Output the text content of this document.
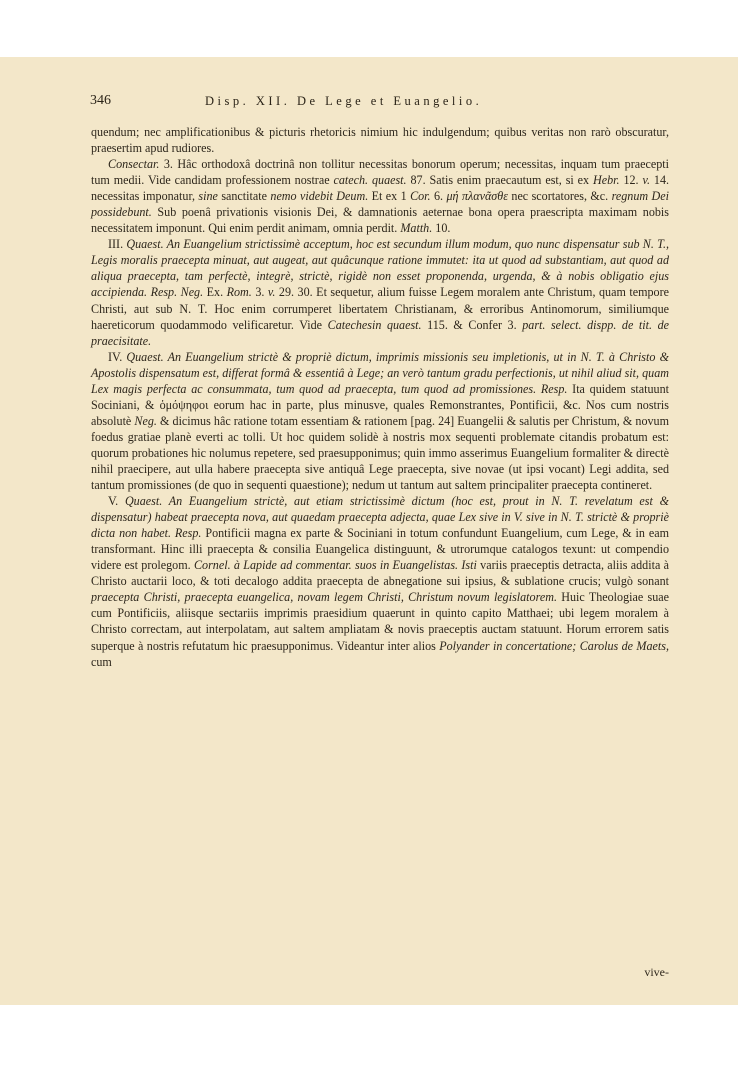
346	Disp. XII. De Lege et Euangelio.

quendum; nec amplificationibus & picturis rhetoricis nimium hic indulgendum; quibus veritas non rarò obscuratur, praesertim apud rudiores.

Consectar. 3. Hâc orthodoxâ doctrinâ non tollitur necessitas bonorum operum; necessitas, inquam tum praecepti tum medii. Vide candidam professionem nostrae catech. quaest. 87. Satis enim praecautum est, si ex Hebr. 12. v. 14. necessitas imponatur, sine sanctitate nemo videbit Deum. Et ex 1 Cor. 6. μή πλανᾶσθε nec scortatores, &c. regnum Dei possidebunt. Sub poenâ privationis visionis Dei, & damnationis aeternae bona opera praescripta maximam nobis necessitatem imponunt. Qui enim perdit animam, omnia perdit. Matth. 10.

III. Quaest. An Euangelium strictissimè acceptum, hoc est secundum illum modum, quo nunc dispensatur sub N. T., Legis moralis praecepta minuat, aut augeat, aut quâcunque ratione immutet: ita ut quod ad substantiam, aut quod ad aliqua praecepta, tam perfectè, integrè, strictè, rigidè non esset proponenda, urgenda, & à nobis obligatio ejus accipienda. Resp. Neg. Ex. Rom. 3. v. 29. 30. Et sequetur, alium fuisse Legem moralem ante Christum, quam tempore Christi, aut sub N. T. Hoc enim corrumperet libertatem Christianam, & erroribus Antinomorum, similiumque haereticorum quodammodo velificaretur. Vide Catechesin quaest. 115. & Confer 3. part. select. dispp. de tit. de praecisitate.

IV. Quaest. An Euangelium strictè & propriè dictum, imprimis missionis seu impletionis, ut in N. T. à Christo & Apostolis dispensatum est, differat formâ & essentiâ à Lege; an verò tantum gradu perfectionis, ut nihil aliud sit, quam Lex magis perfecta ac consummata, tum quod ad praecepta, tum quod ad promissiones. Resp. Ita quidem statuunt Sociniani, & ὁμόψηφοι eorum hac in parte, plus minusve, quales Remonstrantes, Pontificii, &c. Nos cum nostris absolutè Neg. & dicimus hâc ratione totam essentiam & rationem [pag. 24] Euangelii & salutis per Christum, & novum foedus gratiae planè everti ac tolli. Ut hoc quidem solidè à nostris mox sequenti problemate citandis probatum est: quorum probationes hic nolumus repetere, sed praesupponimus; quin immo asserimus Euangelium formaliter & directè nihil praecipere, aut ulla habere praecepta sive antiquâ Lege praecepta, sive novae (ut ipsi vocant) Legi addita, sed tantum promissiones (de quo in sequenti quaestione); nedum ut tantum aut saltem principaliter praecepta contineret.

V. Quaest. An Euangelium strictè, aut etiam strictissimè dictum (hoc est, prout in N. T. revelatum est & dispensatur) habeat praecepta nova, aut quaedam praecepta adjecta, quae Lex sive in V. sive in N. T. strictè & propriè dicta non habet. Resp. Pontificii magna ex parte & Sociniani in totum confundunt Euangelium, cum Lege, & in eam transformant. Hinc illi praecepta & consilia Euangelica distinguunt, & utrorumque catalogos texunt: ut compendio videre est prolegom. Cornel. à Lapide ad commentar. suos in Euangelistas. Isti variis praeceptis detracta, aliis addita à Christo auctarii loco, & toti decalogo addita praecepta de abnegatione sui ipsius, & sublatione crucis; vulgò sonant praecepta Christi, praecepta euangelica, novam legem Christi, Christum novum legislatorem. Huic Theologiae suae cum Pontificiis, aliisque sectariis imprimis praesidium quaerunt in quinto capito Matthaei; ubi legem moralem à Christo correctam, aut interpolatam, aut saltem ampliatam & novis praeceptis auctam statuunt. Horum errorem satis superque à nostris refutatum hic praesupponimus. Videantur inter alios Polyander in concertatione; Carolus de Maets, cum

vive-
